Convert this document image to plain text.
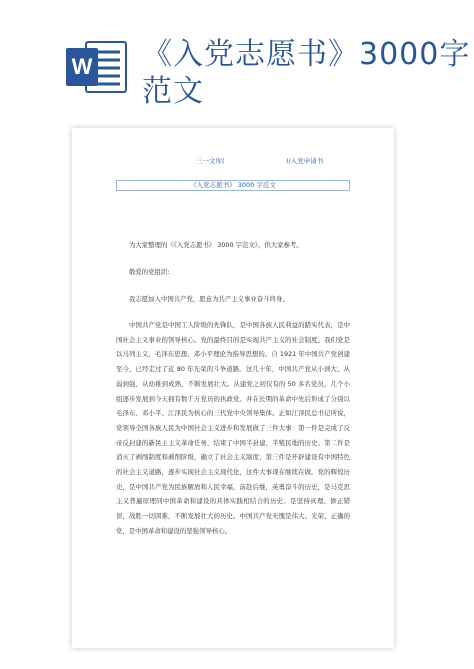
W 《入党志愿书》3000字范文
三一文库(	)/入党申请书
《入党志愿书》 3000 字范文

为大家整理的《《入党志愿书》 3000 字范文》，供大家参考。

敬爱的党组织:

我志愿加入中国共产党，愿意为共产主义事业奋斗终身。

中国共产党是中国工人阶级的先锋队，是中国各族人民利益的踏实代表，是中国社会主义事业的领导核心。党的最终目的是实现共产主义的社会制度。我们党是以马列主义、毛泽东思想、邓小平理论为指导思想的。自 1921 年中国共产党创建至今，已经走过了近 80 年光荣的斗争道路。这几十年，中国共产党从小到大、从弱到强、从幼稚到成熟、不断发展壮大。从建党之初仅有的 50 多名党员，几个小组逐步发展到今天拥有数千万党员的执政党。并在长期的革命中先后形成了分别以毛泽东、邓小平、江泽民为核心的三代党中央领导集体。正如江泽民总书记所说，党领导全国各族人民为中国社会主义进步和发展做了三件大事：第一件是完成了反帝反封建的新民主主义革命任务，结束了中国半封建、半殖民地的历史；第二件是消灭了剥削制度和剥削阶级，确立了社会主义制度；第三件是开辟建设有中国特色的社会主义道路，逐步实现社会主义现代化，这件大事现在继续在做。党的辉煌历史，是中国共产党为民族解放和人民幸福，前赴后继，英勇奋斗的历史，是马克思主义普遍原理同中国革命和建设的具体实践相结合的历史；是坚持真理、修正错误，战胜一切困难，不断发展壮大的历史。中国共产党无愧是伟大、光荣、正确的党，是中国革命和建设的坚强领导核心。
